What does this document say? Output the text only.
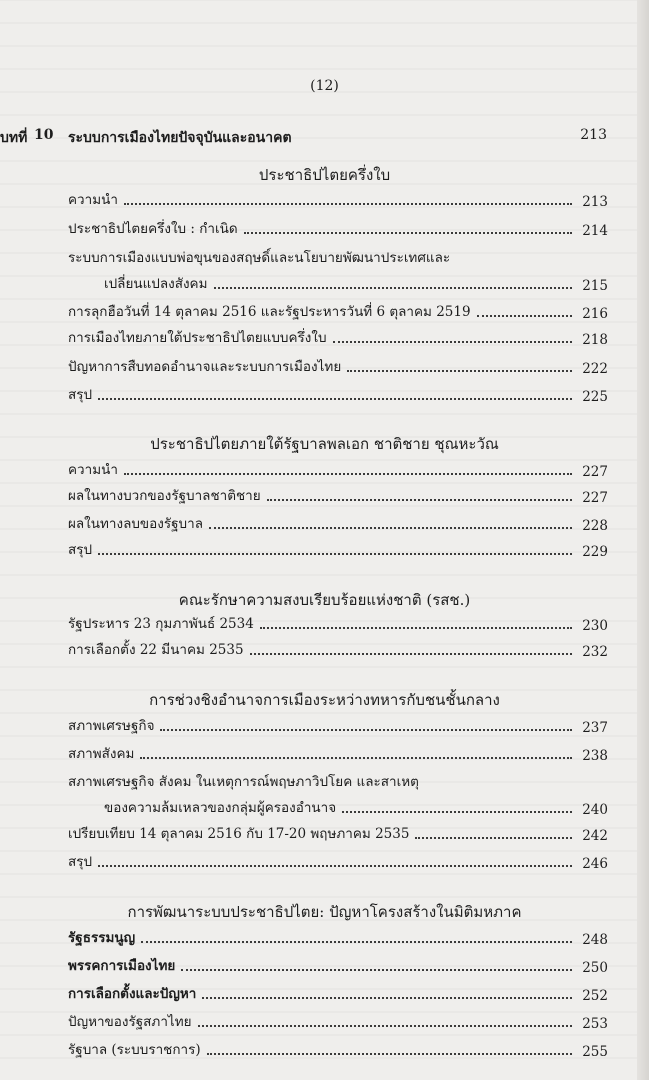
(12)
บทที่ 10 ระบบการเมืองไทยปัจจุบันและอนาคต	213
ประชาธิปไตยครึ่งใบ
ความนำ	213
ประชาธิปไตยครึ่งใบ : กำเนิด	214
ระบบการเมืองแบบพ่อขุนของสฤษดิ์และนโยบายพัฒนาประเทศและ
เปลี่ยนแปลงสังคม	215
การลุกฮือวันที่ 14 ตุลาคม 2516 และรัฐประหารวันที่ 6 ตุลาคม 2519	216
การเมืองไทยภายใต้ประชาธิปไตยแบบครึ่งใบ	218
ปัญหาการสืบทอดอำนาจและระบบการเมืองไทย	222
สรุป	225
ประชาธิปไตยภายใต้รัฐบาลพลเอก ชาติชาย ชุณหะวัณ
ความนำ	227
ผลในทางบวกของรัฐบาลชาติชาย	227
ผลในทางลบของรัฐบาล	228
สรุป	229
คณะรักษาความสงบเรียบร้อยแห่งชาติ (รสช.)
รัฐประหาร 23 กุมภาพันธ์ 2534	230
การเลือกตั้ง 22 มีนาคม 2535	232
การช่วงชิงอำนาจการเมืองระหว่างทหารกับชนชั้นกลาง
สภาพเศรษฐกิจ	237
สภาพสังคม	238
สภาพเศรษฐกิจ สังคม ในเหตุการณ์พฤษภาวิปโยค และสาเหตุ
ของความล้มเหลวของกลุ่มผู้ครองอำนาจ	240
เปรียบเทียบ 14 ตุลาคม 2516 กับ 17-20 พฤษภาคม 2535	242
สรุป	246
การพัฒนาระบบประชาธิปไตย: ปัญหาโครงสร้างในมิติมหภาค
รัฐธรรมนูญ	248
พรรคการเมืองไทย	250
การเลือกตั้งและปัญหา	252
ปัญหาของรัฐสภาไทย	253
รัฐบาล (ระบบราชการ)	255
